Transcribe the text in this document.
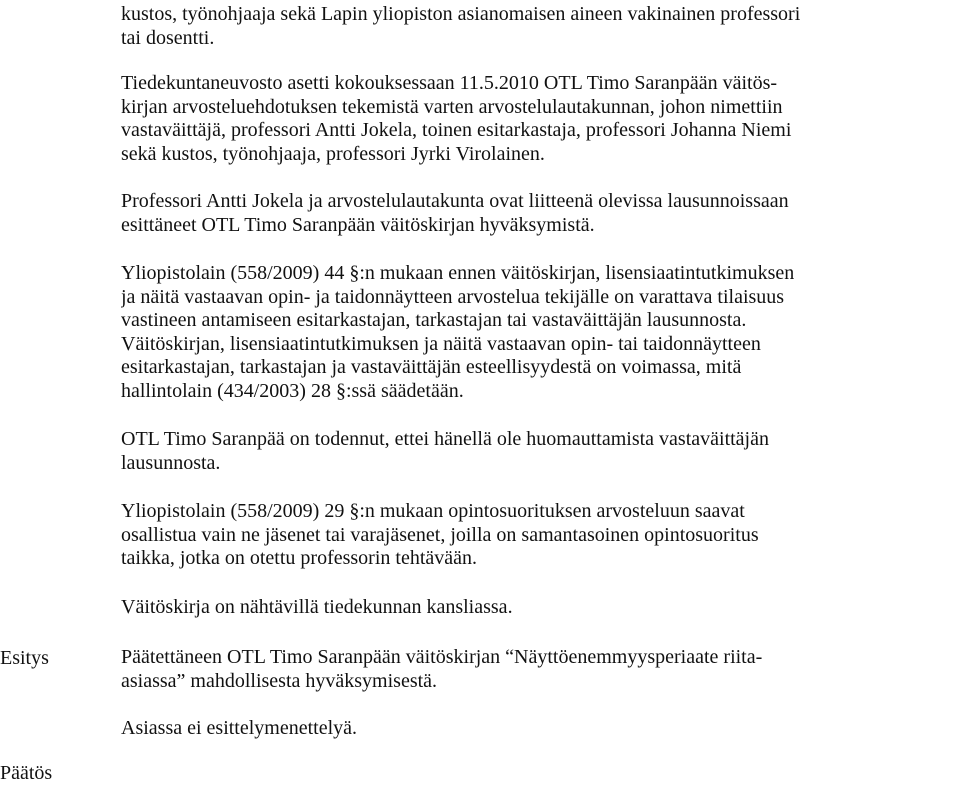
kustos, työnohjaaja sekä Lapin yliopiston asianomaisen aineen vakinainen professori
tai dosentti.

Tiedekuntaneuvosto asetti kokouksessaan 11.5.2010 OTL Timo Saranpään väitös-
kirjan arvosteluehdotuksen tekemistä varten arvostelulautakunnan, johon nimettiin
vastaväittäjä, professori Antti Jokela, toinen esitarkastaja, professori Johanna Niemi
sekä kustos, työnohjaaja, professori Jyrki Virolainen.

Professori Antti Jokela ja arvostelulautakunta ovat liitteenä olevissa lausunnoissaan
esittäneet OTL Timo Saranpään väitöskirjan hyväksymistä.

Yliopistolain (558/2009) 44 §:n mukaan ennen väitöskirjan, lisensiaatintutkimuksen
ja näitä vastaavan opin- ja taidonnäytteen arvostelua tekijälle on varattava tilaisuus
vastineen antamiseen esitarkastajan, tarkastajan tai vastaväittäjän lausunnosta.
Väitöskirjan, lisensiaatintutkimuksen ja näitä vastaavan opin- tai taidonnäytteen
esitarkastajan, tarkastajan ja vastaväittäjän esteellisyydestä on voimassa, mitä
hallintolain (434/2003) 28 §:ssä säädetään.

OTL Timo Saranpää on todennut, ettei hänellä ole huomauttamista vastaväittäjän
lausunnosta.

Yliopistolain (558/2009) 29 §:n mukaan opintosuorituksen arvosteluun saavat
osallistua vain ne jäsenet tai varajäsenet, joilla on samantasoinen opintosuoritus
taikka, jotka on otettu professorin tehtävään.

Väitöskirja on nähtävillä tiedekunnan kansliassa.

Esitys	Päätettäneen OTL Timo Saranpään väitöskirjan “Näyttöenemmyysperiaate riita-
asiassa” mahdollisesta hyväksymisestä.

Asiassa ei esittelymenettelyä.

Päätös
